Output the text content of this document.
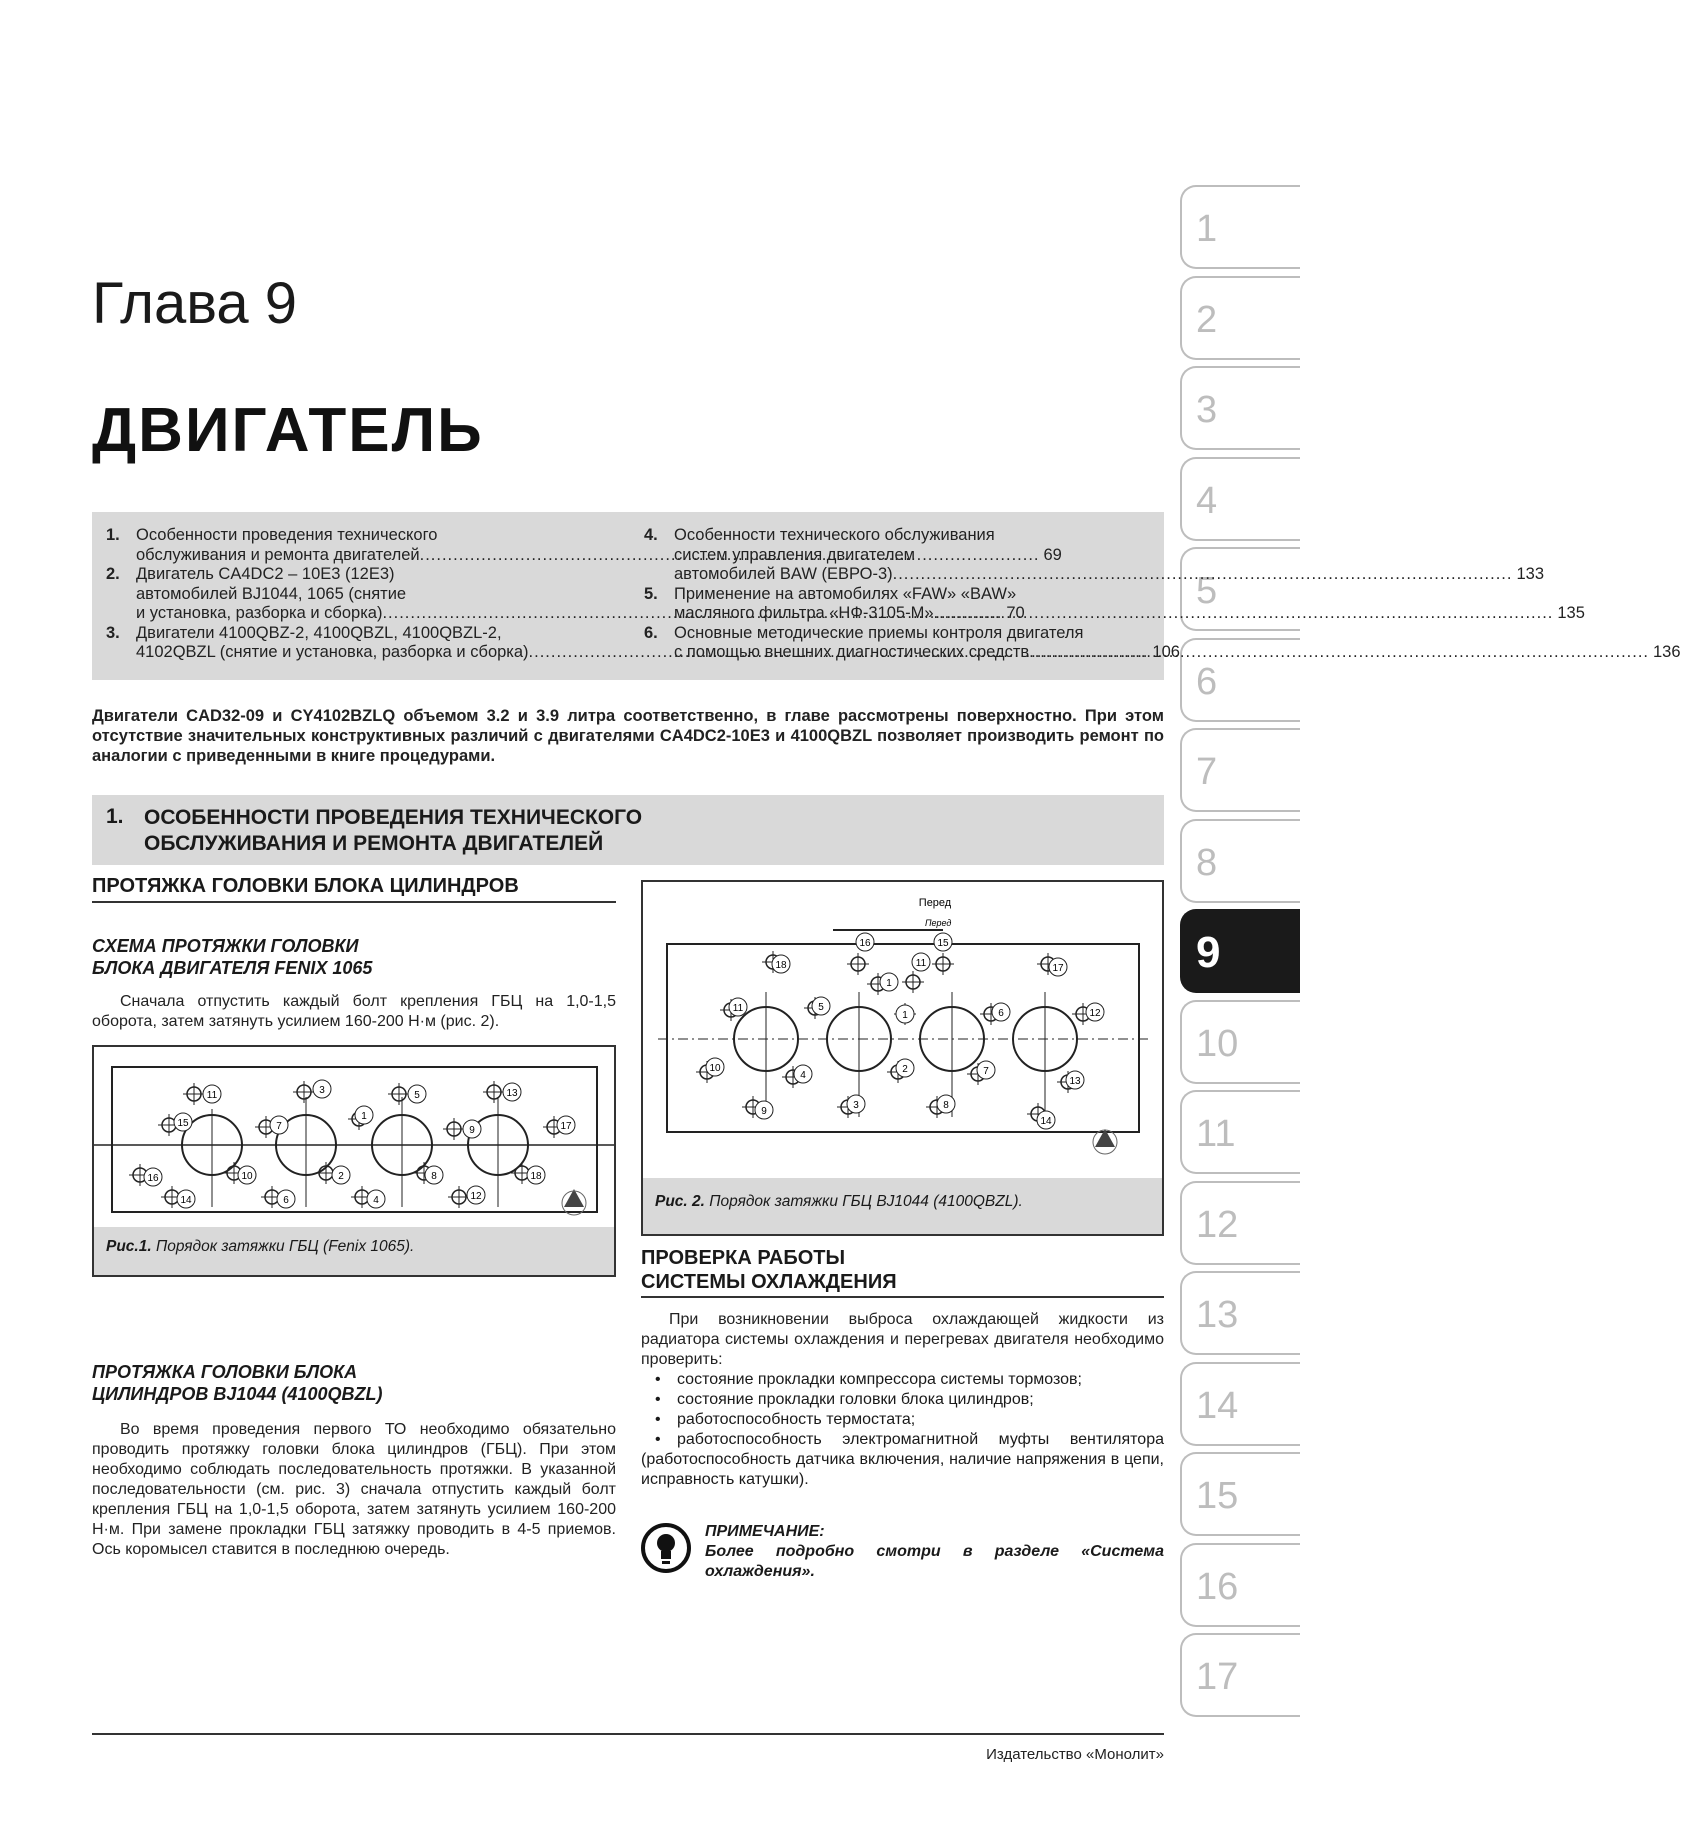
1
2
3
4
5
6
7
8
9
10
11
12
13
14
15
16
17
Глава 9
ДВИГАТЕЛЬ
1. Особенности проведения технического
обслуживания и ремонта двигателей .....	69
2. Двигатель CA4DC2 – 10E3 (12E3)
автомобилей BJ1044, 1065 (снятие
и установка, разборка и сборка) .....	70
3. Двигатели 4100QBZ-2, 4100QBZL, 4100QBZL-2,
4102QBZL (снятие и установка, разборка и сборка) .....	106
4. Особенности технического обслуживания
систем управления двигателем
автомобилей BAW (ЕВРО-3) .....	133
5. Применение на автомобилях «FAW» «BAW»
масляного фильтра «НФ-3105-М» .....	135
6. Основные методические приемы контроля двигателя
с помощью внешних диагностических средств .....	136
Двигатели CAD32-09 и CY4102BZLQ объемом 3.2 и 3.9 литра соответственно, в главе рассмотрены поверхностно. При этом отсутствие значительных конструктивных различий с двигателями CA4DC2-10E3 и 4100QBZL позволяет производить ремонт по аналогии с приведенными в книге процедурами.
1. ОСОБЕННОСТИ ПРОВЕДЕНИЯ ТЕХНИЧЕСКОГО
ОБСЛУЖИВАНИЯ И РЕМОНТА ДВИГАТЕЛЕЙ
ПРОТЯЖКА ГОЛОВКИ БЛОКА ЦИЛИНДРОВ
СХЕМА ПРОТЯЖКИ ГОЛОВКИ
БЛОКА ДВИГАТЕЛЯ FENIX 1065
Сначала отпустить каждый болт крепления ГБЦ на 1,0-1,5 оборота, затем затянуть усилием 160-200 Н·м (рис. 2).
11	3	5	13
15	7
1
9	17
16	10	2	8	18
14	6	4	12
Рис.1. Порядок затяжки ГБЦ (Fenix 1065).
ПРОТЯЖКА ГОЛОВКИ БЛОКА
ЦИЛИНДРОВ BJ1044 (4100QBZL)
Во время проведения первого ТО необходимо обязательно проводить протяжку головки блока цилиндров (ГБЦ). При этом необходимо соблюдать последовательность протяжки. В указанной последовательности (см. рис. 3) сначала отпустить каждый болт крепления ГБЦ на 1,0-1,5 оборота, затем затянуть усилием 160-200 Н·м. При замене прокладки ГБЦ затяжку проводить в 4-5 приемов. Ось коромысел ставится в последнюю очередь.
Перед
Перед
16	15
18	11
1
17
11	5
1	6	12
10
4
2	7
13
9
3	8
14
Рис. 2. Порядок затяжки ГБЦ BJ1044 (4100QBZL).
ПРОВЕРКА РАБОТЫ
СИСТЕМЫ ОХЛАЖДЕНИЯ
При возникновении выброса охлаждающей жидкости из радиатора системы охлаждения и перегревах двигателя необходимо проверить:
• состояние прокладки компрессора системы тормозов;
• состояние прокладки головки блока цилиндров;
• работоспособность термостата;
• работоспособность электромагнитной муфты вентилятора (работоспособность датчика включения, наличие напряжения в цепи, исправность катушки).
ПРИМЕЧАНИЕ:
Более подробно смотри в разделе «Система охлаждения».
Издательство «Монолит»
